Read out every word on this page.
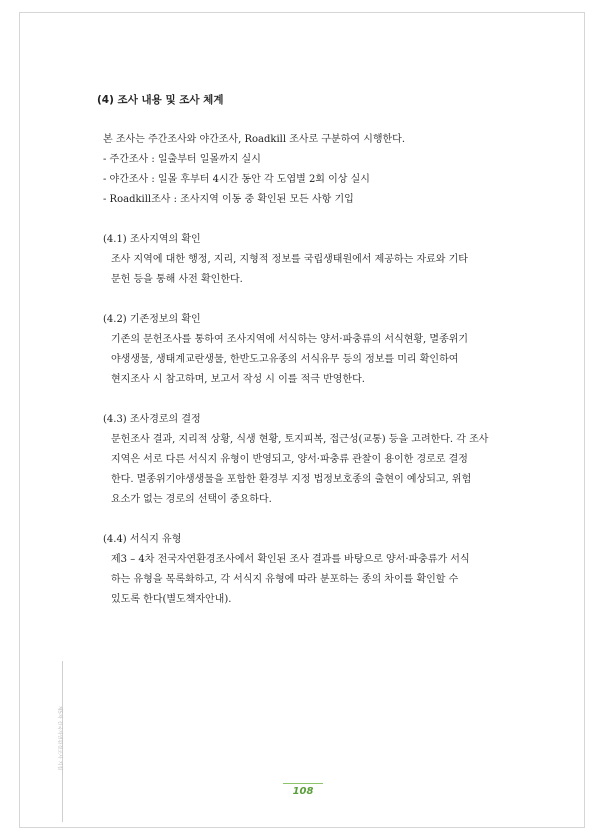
(4) 조사 내용 및 조사 체계
본 조사는 주간조사와 야간조사, Roadkill 조사로 구분하여 시행한다.
- 주간조사 : 일출부터 일몰까지 실시
- 야간조사 : 일몰 후부터 4시간 동안 각 도엽별 2회 이상 실시
- Roadkill조사 : 조사지역 이동 중 확인된 모든 사항 기입
(4.1) 조사지역의 확인
조사 지역에 대한 행정, 지리, 지형적 정보를 국립생태원에서 제공하는 자료와 기타
문헌 등을 통해 사전 확인한다.
(4.2) 기존정보의 확인
기존의 문헌조사를 통하여 조사지역에 서식하는 양서·파충류의 서식현황, 멸종위기
야생생물, 생태계교란생물, 한반도고유종의 서식유무 등의 정보를 미리 확인하여
현지조사 시 참고하며, 보고서 작성 시 이를 적극 반영한다.
(4.3) 조사경로의 결정
문헌조사 결과, 지리적 상황, 식생 현황, 토지피복, 접근성(교통) 등을 고려한다. 각 조사
지역은 서로 다른 서식지 유형이 반영되고, 양서·파충류 관찰이 용이한 경로로 결정
한다. 멸종위기야생생물을 포함한 환경부 지정 법정보호종의 출현이 예상되고, 위험
요소가 없는 경로의 선택이 중요하다.
(4.4) 서식지 유형
제3 – 4차 전국자연환경조사에서 확인된 조사 결과를 바탕으로 양서·파충류가 서식
하는 유형을 목록화하고, 각 서식지 유형에 따라 분포하는 종의 차이를 확인할 수
있도록 한다(별도책자안내).
제5차 전국자연환경조사 지침
108
